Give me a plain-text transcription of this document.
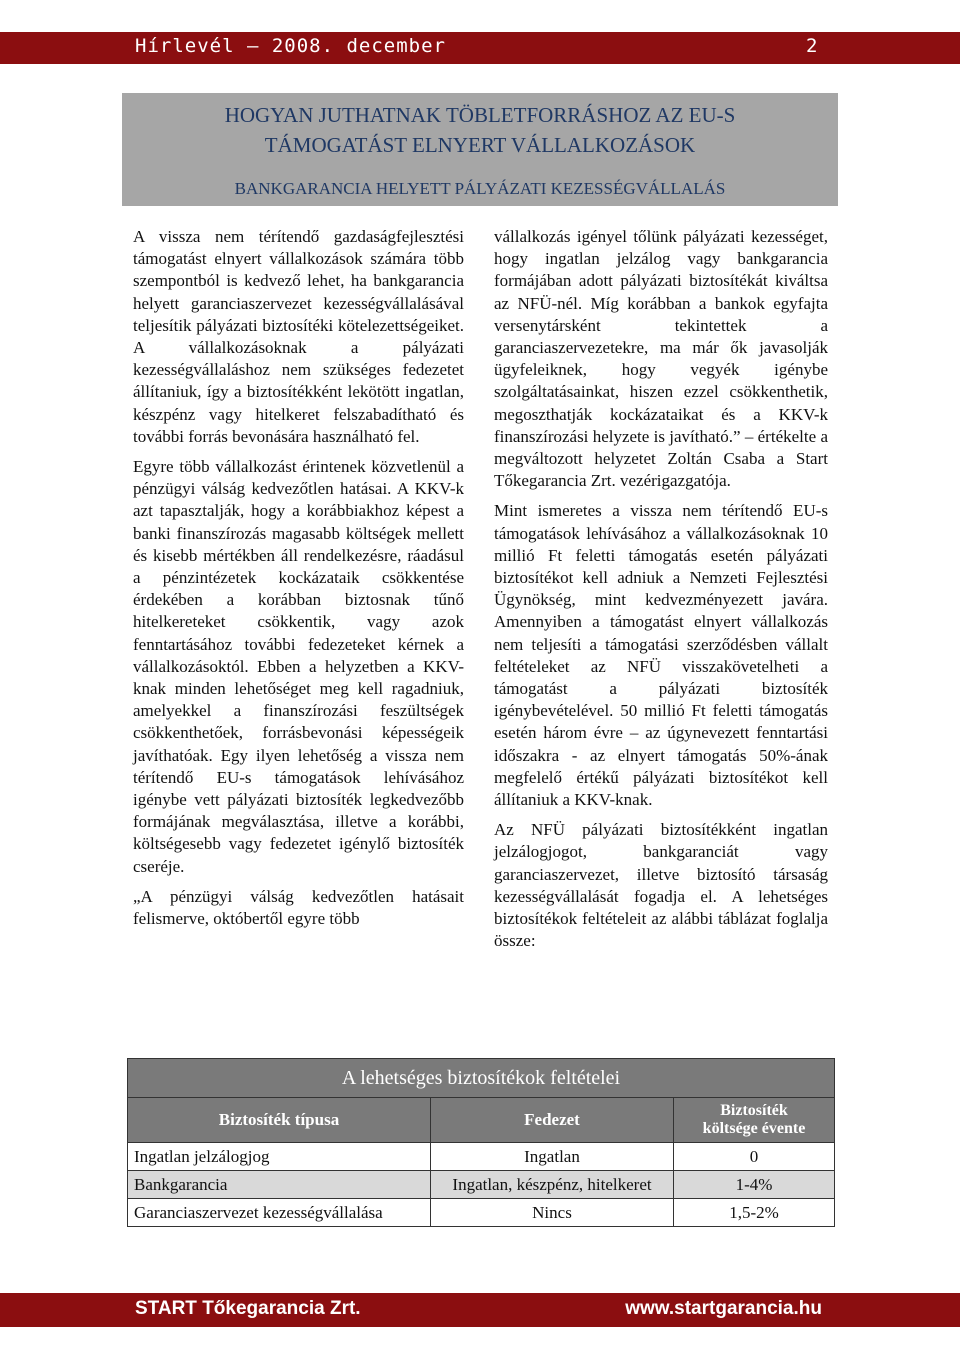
Hírlevél – 2008. december	2
HOGYAN JUTHATNAK TÖBLETFORRÁSHOZ AZ EU-S
TÁMOGATÁST ELNYERT VÁLLALKOZÁSOK
BANKGARANCIA HELYETT PÁLYÁZATI KEZESSÉGVÁLLALÁS

A vissza nem térítendő gazdaságfejlesztési támogatást elnyert vállalkozások számára több szempontból is kedvező lehet, ha bankgarancia helyett garanciaszervezet kezességvállalásával teljesítik pályázati biztosítéki kötelezettségeiket. A vállalkozásoknak a pályázati kezességvállaláshoz nem szükséges fedezetet állítaniuk, így a biztosítékként lekötött ingatlan, készpénz vagy hitelkeret felszabadítható és további forrás bevonására használható fel.

Egyre több vállalkozást érintenek közvetlenül a pénzügyi válság kedvezőtlen hatásai. A KKV-k azt tapasztalják, hogy a korábbiakhoz képest a banki finanszírozás magasabb költségek mellett és kisebb mértékben áll rendelkezésre, ráadásul a pénzintézetek kockázataik csökkentése érdekében a korábban biztosnak tűnő hitelkereteket csökkentik, vagy azok fenntartásához további fedezeteket kérnek a vállalkozásoktól. Ebben a helyzetben a KKV-knak minden lehetőséget meg kell ragadniuk, amelyekkel a finanszírozási feszültségek csökkenthetőek, forrásbevonási képességeik javíthatóak. Egy ilyen lehetőség a vissza nem térítendő EU-s támogatások lehívásához igénybe vett pályázati biztosíték legkedvezőbb formájának megválasztása, illetve a korábbi, költségesebb vagy fedezetet igénylő biztosíték cseréje.

„A pénzügyi válság kedvezőtlen hatásait felismerve, októbertől egyre több

vállalkozás igényel tőlünk pályázati kezességet, hogy ingatlan jelzálog vagy bankgarancia formájában adott pályázati biztosítékát kiváltsa az NFÜ-nél. Míg korábban a bankok egyfajta versenytársként tekintettek a garanciaszervezetekre, ma már ők javasolják ügyfeleiknek, hogy vegyék igénybe szolgáltatásainkat, hiszen ezzel csökkenthetik, megoszthatják kockázataikat és a KKV-k finanszírozási helyzete is javítható.” – értékelte a megváltozott helyzetet Zoltán Csaba a Start Tőkegarancia Zrt. vezérigazgatója.

Mint ismeretes a vissza nem térítendő EU-s támogatások lehívásához a vállalkozásoknak 10 millió Ft feletti támogatás esetén pályázati biztosítékot kell adniuk a Nemzeti Fejlesztési Ügynökség, mint kedvezményezett javára. Amennyiben a támogatást elnyert vállalkozás nem teljesíti a támogatási szerződésben vállalt feltételeket az NFÜ visszakövetelheti a támogatást a pályázati biztosíték igénybevételével. 50 millió Ft feletti támogatás esetén három évre – az úgynevezett fenntartási időszakra - az elnyert támogatás 50%-ának megfelelő értékű pályázati biztosítékot kell állítaniuk a KKV-knak.

Az NFÜ pályázati biztosítékként ingatlan jelzálogjogot, bankgaranciát vagy garanciaszervezet, illetve biztosító társaság kezességvállalását fogadja el. A lehetséges biztosítékok feltételeit az alábbi táblázat foglalja össze:

A lehetséges biztosítékok feltételei		
Biztosíték típusa	Fedezet	Biztosíték
költsége évente

Ingatlan jelzálogjog	Ingatlan	0
Bankgarancia	Ingatlan, készpénz, hitelkeret	1-4%
Garanciaszervezet kezességvállalása	Nincs	1,5-2%
START Tőkegarancia Zrt.	www.startgarancia.hu
